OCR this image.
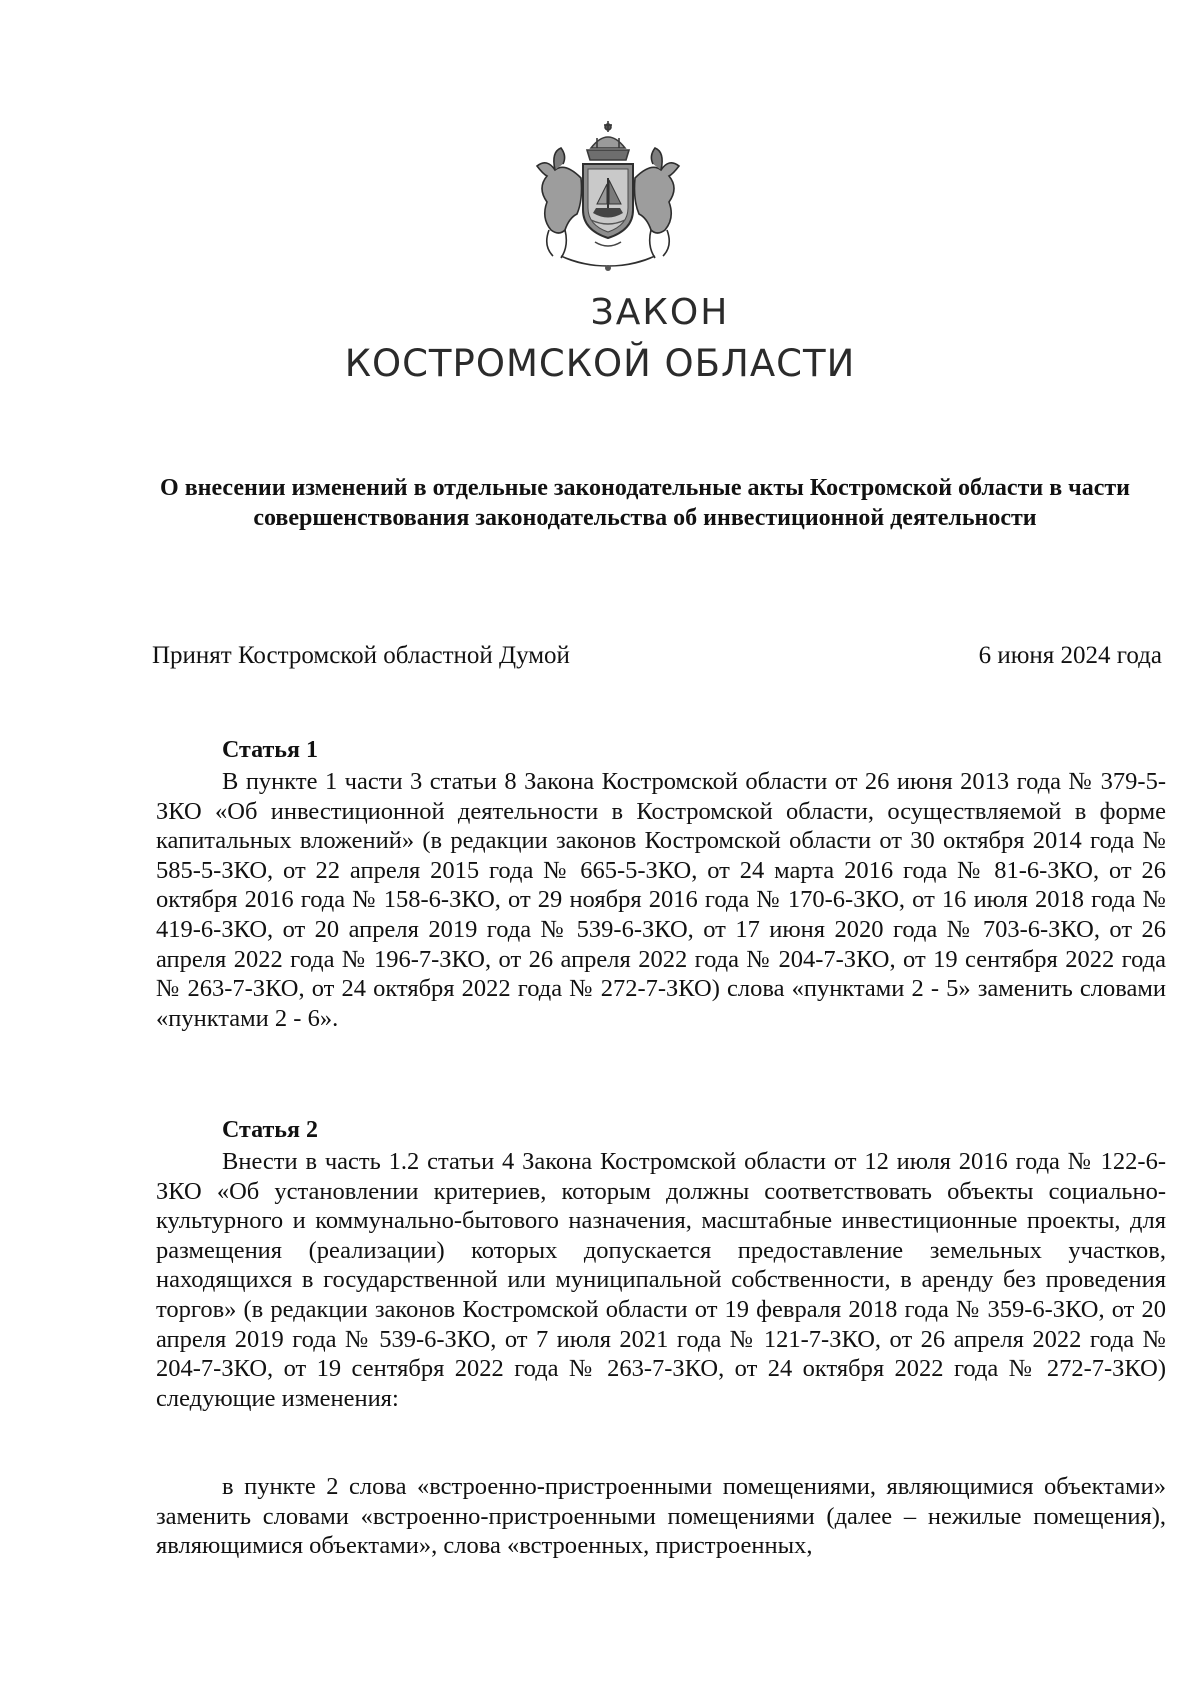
ЗАКОН
КОСТРОМСКОЙ ОБЛАСТИ
О внесении изменений в отдельные законодательные акты Костромской области в части совершенствования законодательства об инвестиционной деятельности
Принят Костромской областной Думой	6 июня 2024 года
Статья 1

В пункте 1 части 3 статьи 8 Закона Костромской области от 26 июня 2013 года № 379-5-ЗКО «Об инвестиционной деятельности в Костромской области, осуществляемой в форме капитальных вложений» (в редакции законов Костромской области от 30 октября 2014 года № 585-5-ЗКО, от 22 апреля 2015 года № 665-5-ЗКО, от 24 марта 2016 года № 81-6-ЗКО, от 26 октября 2016 года № 158-6-ЗКО, от 29 ноября 2016 года № 170-6-ЗКО, от 16 июля 2018 года № 419-6-ЗКО, от 20 апреля 2019 года № 539-6-ЗКО, от 17 июня 2020 года № 703-6-ЗКО, от 26 апреля 2022 года № 196-7-ЗКО, от 26 апреля 2022 года № 204-7-ЗКО, от 19 сентября 2022 года № 263-7-ЗКО, от 24 октября 2022 года № 272-7-ЗКО) слова «пунктами 2 - 5» заменить словами «пунктами 2 - 6».

Статья 2

Внести в часть 1.2 статьи 4 Закона Костромской области от 12 июля 2016 года № 122-6-ЗКО «Об установлении критериев, которым должны соответствовать объекты социально-культурного и коммунально-бытового назначения, масштабные инвестиционные проекты, для размещения (реализации) которых допускается предоставление земельных участков, находящихся в государственной или муниципальной собственности, в аренду без проведения торгов» (в редакции законов Костромской области от 19 февраля 2018 года № 359-6-ЗКО, от 20 апреля 2019 года № 539-6-ЗКО, от 7 июля 2021 года № 121-7-ЗКО, от 26 апреля 2022 года № 204-7-ЗКО, от 19 сентября 2022 года № 263-7-ЗКО, от 24 октября 2022 года № 272-7-ЗКО) следующие изменения:

в пункте 2 слова «встроенно-пристроенными помещениями, являющимися объектами» заменить словами «встроенно-пристроенными помещениями (далее – нежилые помещения), являющимися объектами», слова «встроенных, пристроенных,
